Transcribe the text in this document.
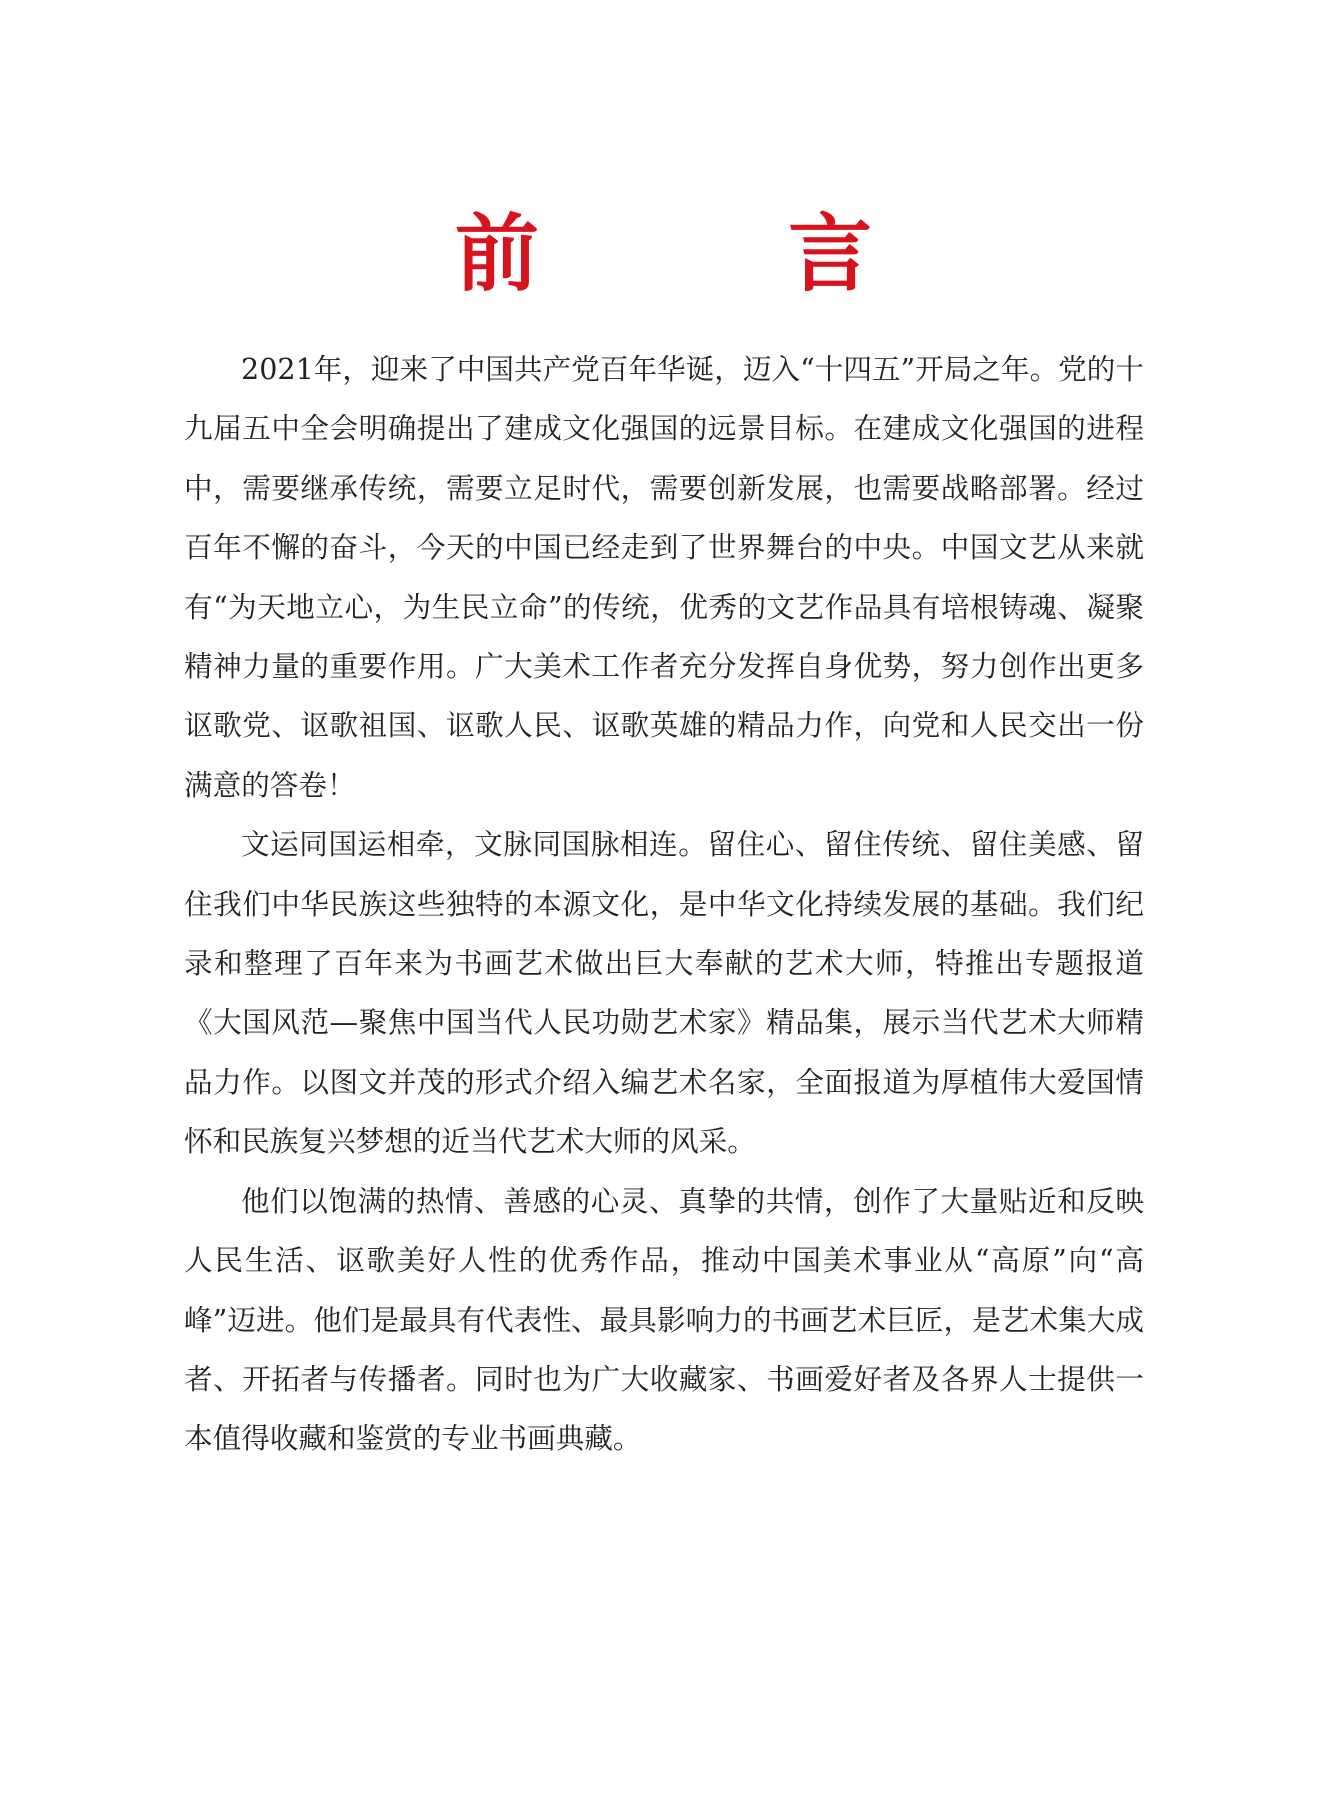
前 言

2021年，迎来了中国共产党百年华诞，迈入“十四五”开局之年。党的十九届五中全会明确提出了建成文化强国的远景目标。在建成文化强国的进程中，需要继承传统，需要立足时代，需要创新发展，也需要战略部署。经过百年不懈的奋斗，今天的中国已经走到了世界舞台的中央。中国文艺从来就有“为天地立心，为生民立命”的传统，优秀的文艺作品具有培根铸魂、凝聚精神力量的重要作用。广大美术工作者充分发挥自身优势，努力创作出更多讴歌党、讴歌祖国、讴歌人民、讴歌英雄的精品力作，向党和人民交出一份满意的答卷！

文运同国运相牵，文脉同国脉相连。留住心、留住传统、留住美感、留住我们中华民族这些独特的本源文化，是中华文化持续发展的基础。我们纪录和整理了百年来为书画艺术做出巨大奉献的艺术大师，特推出专题报道《大国风范—聚焦中国当代人民功勋艺术家》精品集，展示当代艺术大师精品力作。以图文并茂的形式介绍入编艺术名家，全面报道为厚植伟大爱国情怀和民族复兴梦想的近当代艺术大师的风采。

他们以饱满的热情、善感的心灵、真挚的共情，创作了大量贴近和反映人民生活、讴歌美好人性的优秀作品，推动中国美术事业从“高原”向“高峰”迈进。他们是最具有代表性、最具影响力的书画艺术巨匠，是艺术集大成者、开拓者与传播者。同时也为广大收藏家、书画爱好者及各界人士提供一本值得收藏和鉴赏的专业书画典藏。
